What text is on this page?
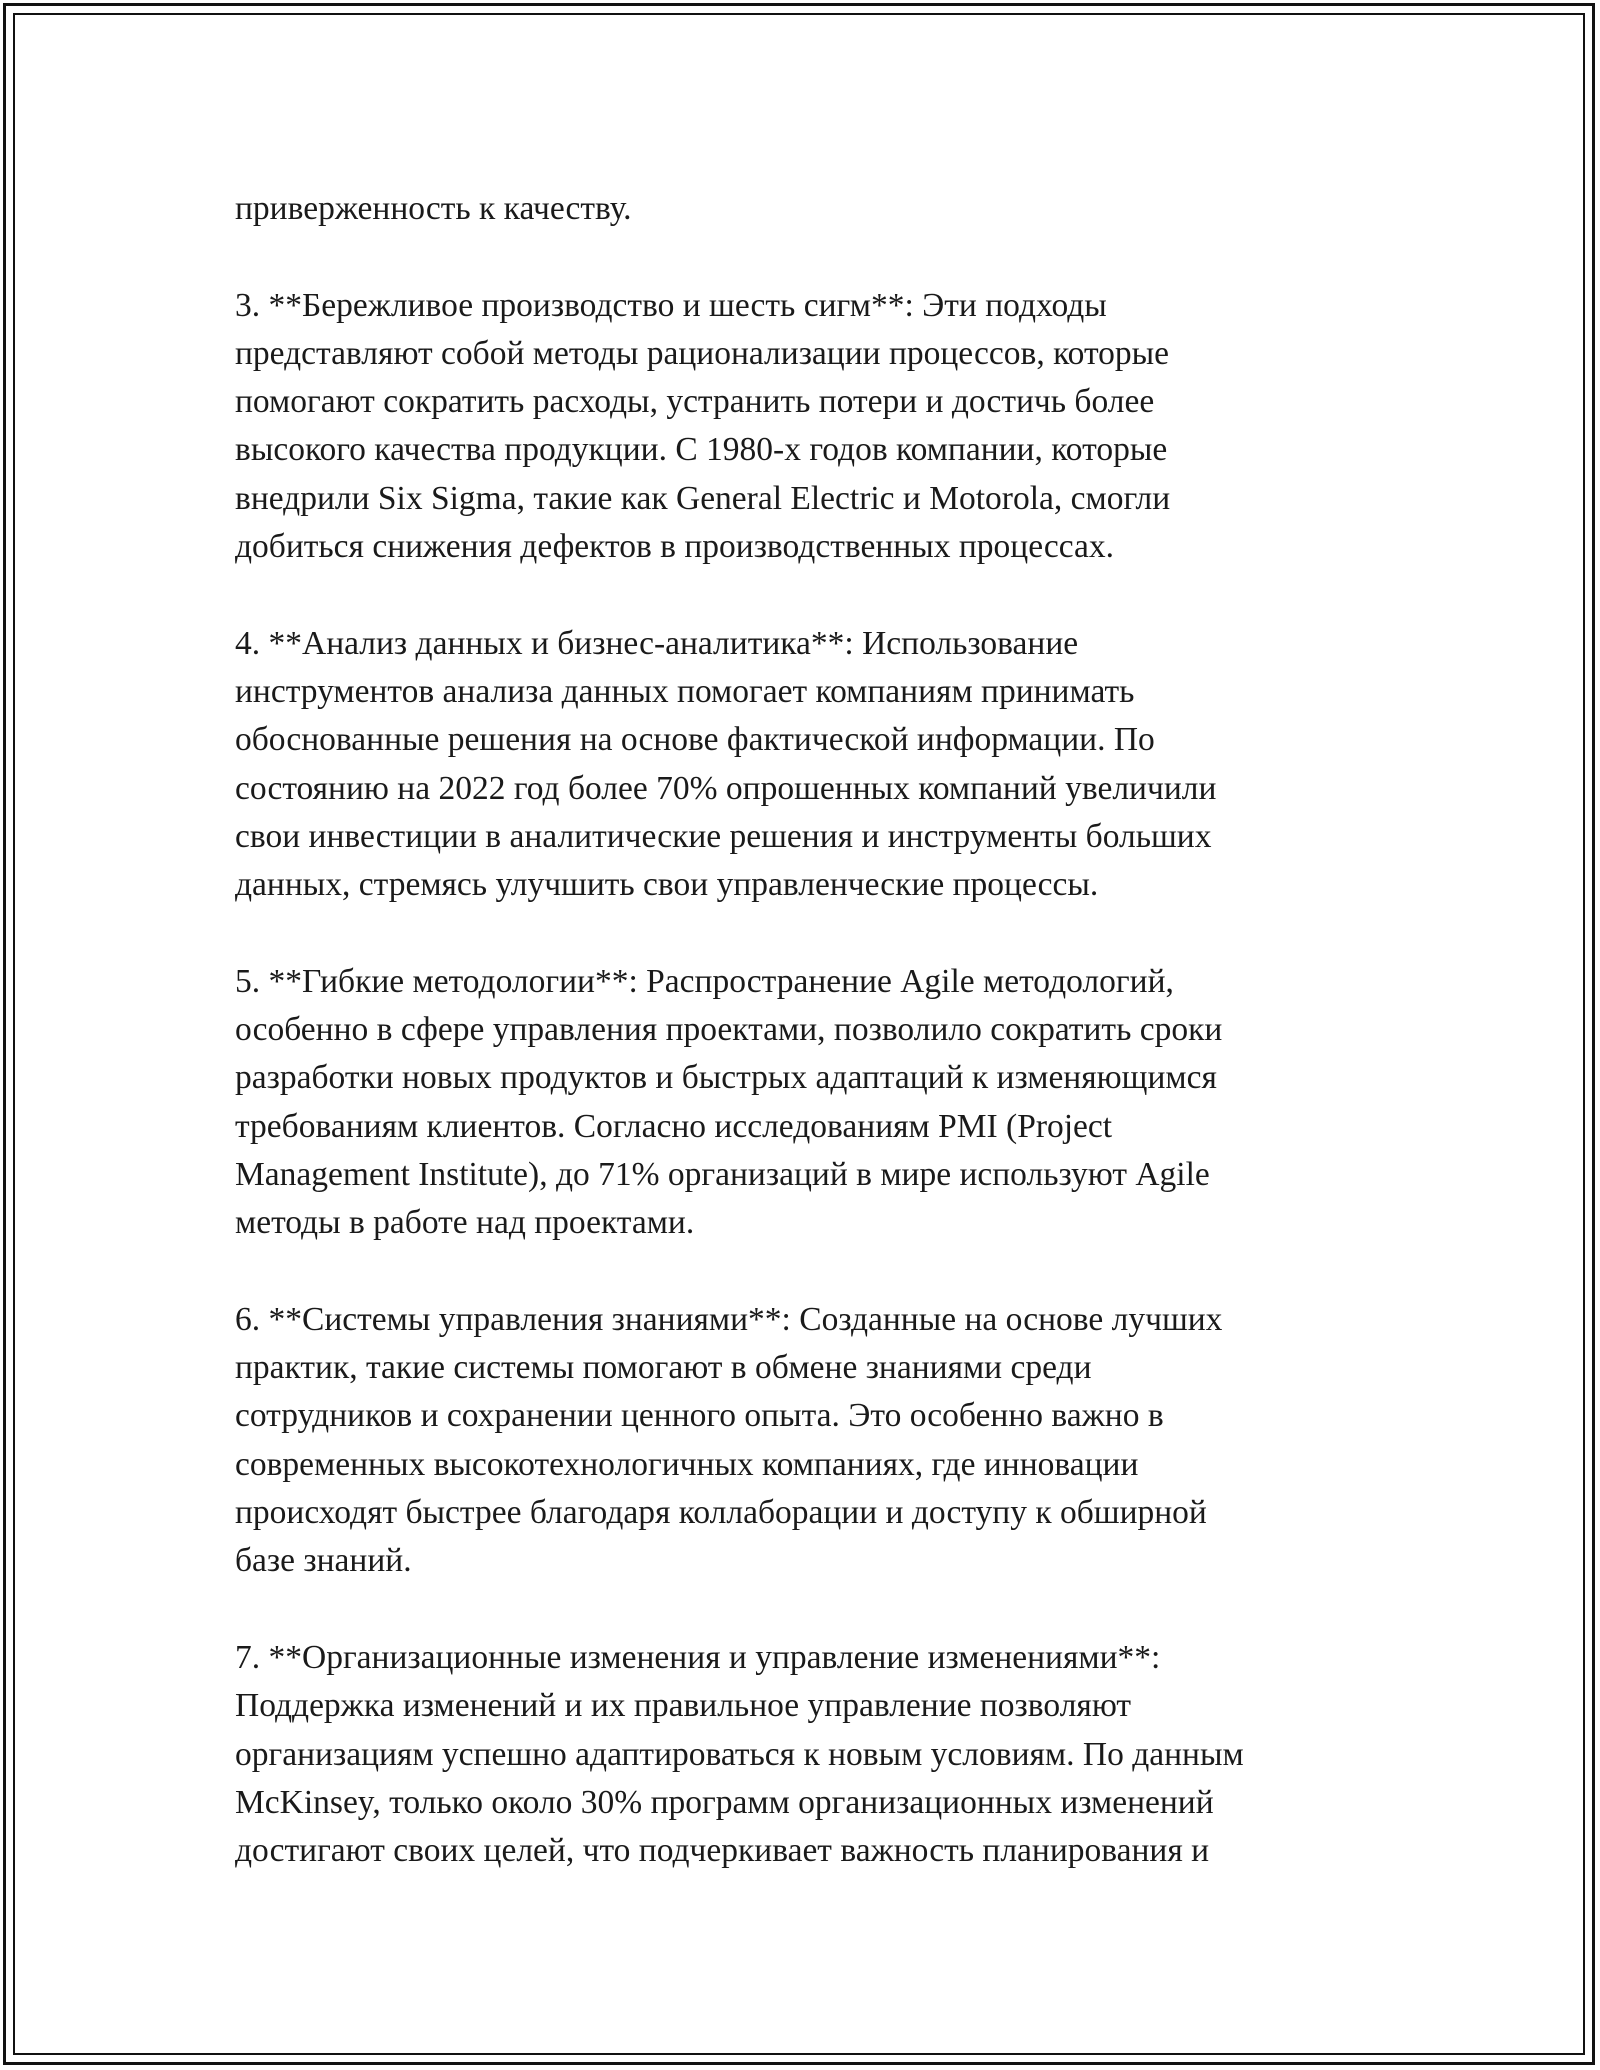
приверженность к качеству.
3. **Бережливое производство и шесть сигм**: Эти подходы
представляют собой методы рационализации процессов, которые
помогают сократить расходы, устранить потери и достичь более
высокого качества продукции. С 1980-х годов компании, которые
внедрили Six Sigma, такие как General Electric и Motorola, смогли
добиться снижения дефектов в производственных процессах.
4. **Анализ данных и бизнес-аналитика**: Использование
инструментов анализа данных помогает компаниям принимать
обоснованные решения на основе фактической информации. По
состоянию на 2022 год более 70% опрошенных компаний увеличили
свои инвестиции в аналитические решения и инструменты больших
данных, стремясь улучшить свои управленческие процессы.
5. **Гибкие методологии**: Распространение Agile методологий,
особенно в сфере управления проектами, позволило сократить сроки
разработки новых продуктов и быстрых адаптаций к изменяющимся
требованиям клиентов. Согласно исследованиям PMI (Project
Management Institute), до 71% организаций в мире используют Agile
методы в работе над проектами.
6. **Системы управления знаниями**: Созданные на основе лучших
практик, такие системы помогают в обмене знаниями среди
сотрудников и сохранении ценного опыта. Это особенно важно в
современных высокотехнологичных компаниях, где инновации
происходят быстрее благодаря коллаборации и доступу к обширной
базе знаний.
7. **Организационные изменения и управление изменениями**:
Поддержка изменений и их правильное управление позволяют
организациям успешно адаптироваться к новым условиям. По данным
McKinsey, только около 30% программ организационных изменений
достигают своих целей, что подчеркивает важность планирования и
